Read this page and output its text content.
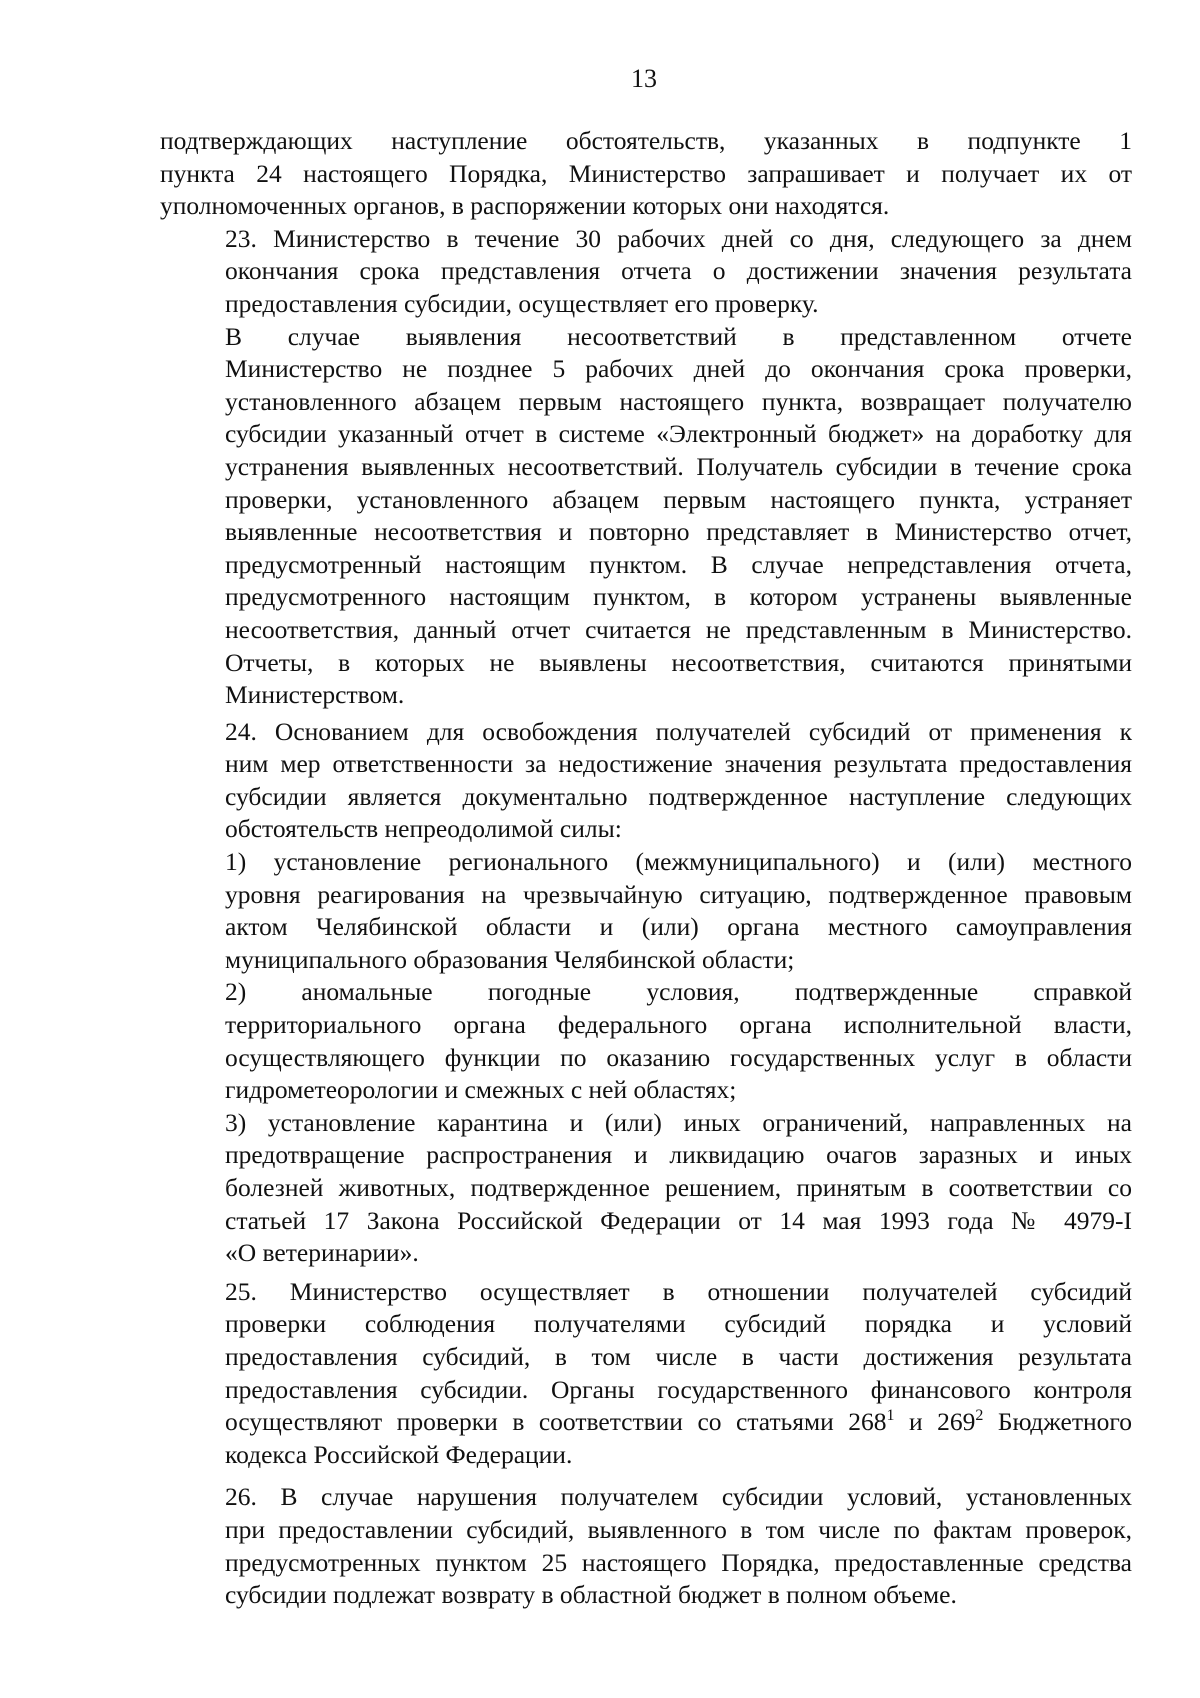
13

подтверждающих наступление обстоятельств, указанных в подпункте 1
пункта 24 настоящего Порядка, Министерство запрашивает и получает их от
уполномоченных органов, в распоряжении которых они находятся.

23. Министерство в течение 30 рабочих дней со дня, следующего за днем
окончания срока представления отчета о достижении значения результата
предоставления субсидии, осуществляет его проверку.

В случае выявления несоответствий в представленном отчете
Министерство не позднее 5 рабочих дней до окончания срока проверки,
установленного абзацем первым настоящего пункта, возвращает получателю
субсидии указанный отчет в системе «Электронный бюджет» на доработку для
устранения выявленных несоответствий. Получатель субсидии в течение срока
проверки, установленного абзацем первым настоящего пункта, устраняет
выявленные несоответствия и повторно представляет в Министерство отчет,
предусмотренный настоящим пунктом. В случае непредставления отчета,
предусмотренного настоящим пунктом, в котором устранены выявленные
несоответствия, данный отчет считается не представленным в Министерство.
Отчеты, в которых не выявлены несоответствия, считаются принятыми
Министерством.

24. Основанием для освобождения получателей субсидий от применения к
ним мер ответственности за недостижение значения результата предоставления
субсидии является документально подтвержденное наступление следующих
обстоятельств непреодолимой силы:

1) установление регионального (межмуниципального) и (или) местного
уровня реагирования на чрезвычайную ситуацию, подтвержденное правовым
актом Челябинской области и (или) органа местного самоуправления
муниципального образования Челябинской области;

2) аномальные погодные условия, подтвержденные справкой
территориального органа федерального органа исполнительной власти,
осуществляющего функции по оказанию государственных услуг в области
гидрометеорологии и смежных с ней областях;

3) установление карантина и (или) иных ограничений, направленных на
предотвращение распространения и ликвидацию очагов заразных и иных
болезней животных, подтвержденное решением, принятым в соответствии со
статьей 17 Закона Российской Федерации от 14 мая 1993 года № 4979-I
«О ветеринарии».

25. Министерство осуществляет в отношении получателей субсидий
проверки соблюдения получателями субсидий порядка и условий
предоставления субсидий, в том числе в части достижения результата
предоставления субсидии. Органы государственного финансового контроля
осуществляют проверки в соответствии со статьями $268^1$ и $269^2$ Бюджетного
кодекса Российской Федерации.

26. В случае нарушения получателем субсидии условий, установленных
при предоставлении субсидий, выявленного в том числе по фактам проверок,
предусмотренных пунктом 25 настоящего Порядка, предоставленные средства
субсидии подлежат возврату в областной бюджет в полном объеме.
